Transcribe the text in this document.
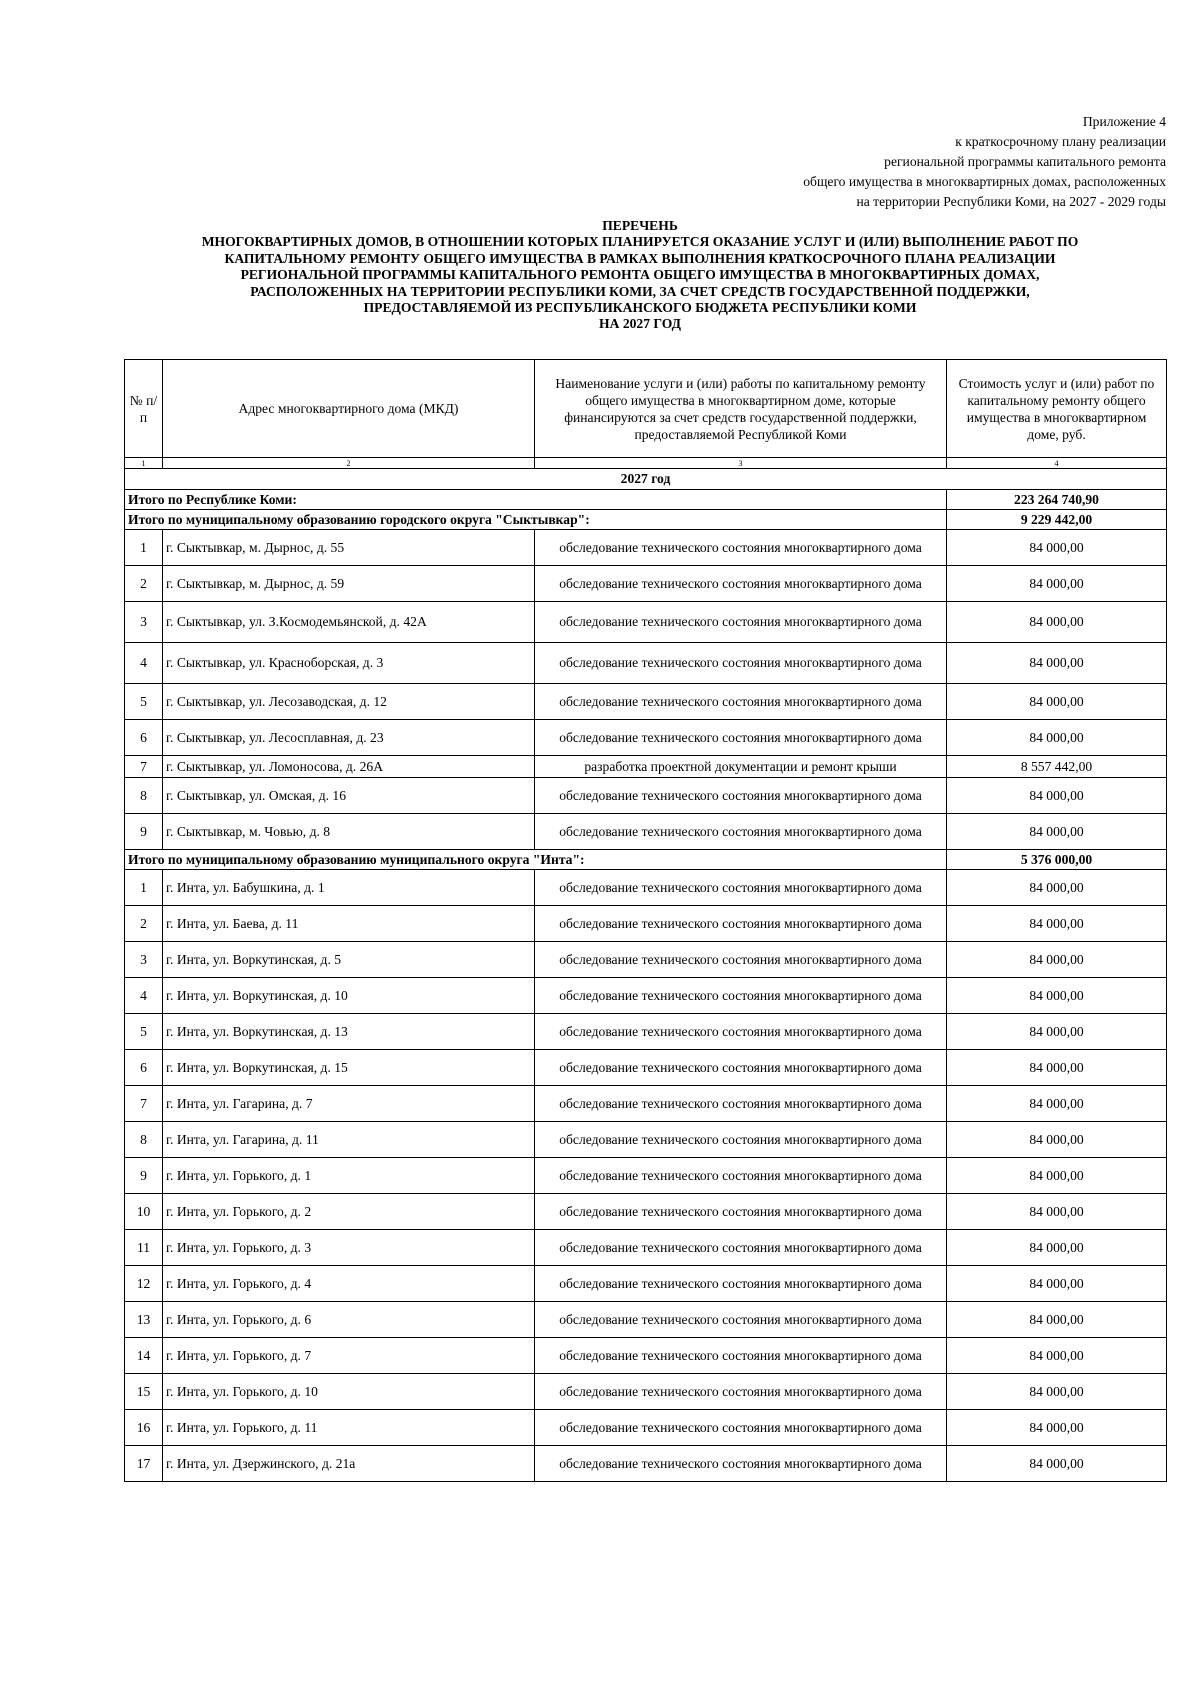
Приложение 4
к краткосрочному плану реализации
региональной программы капитального ремонта
общего имущества в многоквартирных домах, расположенных
на территории Республики Коми, на 2027 - 2029 годы
ПЕРЕЧЕНЬ
МНОГОКВАРТИРНЫХ ДОМОВ, В ОТНОШЕНИИ КОТОРЫХ ПЛАНИРУЕТСЯ ОКАЗАНИЕ УСЛУГ И (ИЛИ) ВЫПОЛНЕНИЕ РАБОТ ПО
КАПИТАЛЬНОМУ РЕМОНТУ ОБЩЕГО ИМУЩЕСТВА В РАМКАХ ВЫПОЛНЕНИЯ КРАТКОСРОЧНОГО ПЛАНА РЕАЛИЗАЦИИ
РЕГИОНАЛЬНОЙ ПРОГРАММЫ КАПИТАЛЬНОГО РЕМОНТА ОБЩЕГО ИМУЩЕСТВА В МНОГОКВАРТИРНЫХ ДОМАХ,
РАСПОЛОЖЕННЫХ НА ТЕРРИТОРИИ РЕСПУБЛИКИ КОМИ, ЗА СЧЕТ СРЕДСТВ ГОСУДАРСТВЕННОЙ ПОДДЕРЖКИ,
ПРЕДОСТАВЛЯЕМОЙ ИЗ РЕСПУБЛИКАНСКОГО БЮДЖЕТА РЕСПУБЛИКИ КОМИ
НА 2027 ГОД
№ п/п	Адрес многоквартирного дома (МКД)	Наименование услуги и (или) работы по капитальному ремонту общего имущества в многоквартирном доме, которые финансируются за счет средств государственной поддержки, предоставляемой Республикой Коми	Стоимость услуг и (или) работ по капитальному ремонту общего имущества в многоквартирном доме, руб.
1	2	3	4
2027 год			
Итого по Республике Коми:			223 264 740,90
Итого по муниципальному образованию городского округа "Сыктывкар":			9 229 442,00
1	г. Сыктывкар, м. Дырнос, д. 55	обследование технического состояния многоквартирного дома	84 000,00
2	г. Сыктывкар, м. Дырнос, д. 59	обследование технического состояния многоквартирного дома	84 000,00
3	г. Сыктывкар, ул. З.Космодемьянской, д. 42А	обследование технического состояния многоквартирного дома	84 000,00
4	г. Сыктывкар, ул. Красноборская, д. 3	обследование технического состояния многоквартирного дома	84 000,00
5	г. Сыктывкар, ул. Лесозаводская, д. 12	обследование технического состояния многоквартирного дома	84 000,00
6	г. Сыктывкар, ул. Лесосплавная, д. 23	обследование технического состояния многоквартирного дома	84 000,00
7	г. Сыктывкар, ул. Ломоносова, д. 26А	разработка проектной документации и ремонт крыши	8 557 442,00
8	г. Сыктывкар, ул. Омская, д. 16	обследование технического состояния многоквартирного дома	84 000,00
9	г. Сыктывкар, м. Човью, д. 8	обследование технического состояния многоквартирного дома	84 000,00
Итого по муниципальному образованию муниципального округа "Инта":			5 376 000,00
1	г. Инта, ул. Бабушкина, д. 1	обследование технического состояния многоквартирного дома	84 000,00
2	г. Инта, ул. Баева, д. 11	обследование технического состояния многоквартирного дома	84 000,00
3	г. Инта, ул. Воркутинская, д. 5	обследование технического состояния многоквартирного дома	84 000,00
4	г. Инта, ул. Воркутинская, д. 10	обследование технического состояния многоквартирного дома	84 000,00
5	г. Инта, ул. Воркутинская, д. 13	обследование технического состояния многоквартирного дома	84 000,00
6	г. Инта, ул. Воркутинская, д. 15	обследование технического состояния многоквартирного дома	84 000,00
7	г. Инта, ул. Гагарина, д. 7	обследование технического состояния многоквартирного дома	84 000,00
8	г. Инта, ул. Гагарина, д. 11	обследование технического состояния многоквартирного дома	84 000,00
9	г. Инта, ул. Горького, д. 1	обследование технического состояния многоквартирного дома	84 000,00
10	г. Инта, ул. Горького, д. 2	обследование технического состояния многоквартирного дома	84 000,00
11	г. Инта, ул. Горького, д. 3	обследование технического состояния многоквартирного дома	84 000,00
12	г. Инта, ул. Горького, д. 4	обследование технического состояния многоквартирного дома	84 000,00
13	г. Инта, ул. Горького, д. 6	обследование технического состояния многоквартирного дома	84 000,00
14	г. Инта, ул. Горького, д. 7	обследование технического состояния многоквартирного дома	84 000,00
15	г. Инта, ул. Горького, д. 10	обследование технического состояния многоквартирного дома	84 000,00
16	г. Инта, ул. Горького, д. 11	обследование технического состояния многоквартирного дома	84 000,00
17	г. Инта, ул. Дзержинского, д. 21а	обследование технического состояния многоквартирного дома	84 000,00
